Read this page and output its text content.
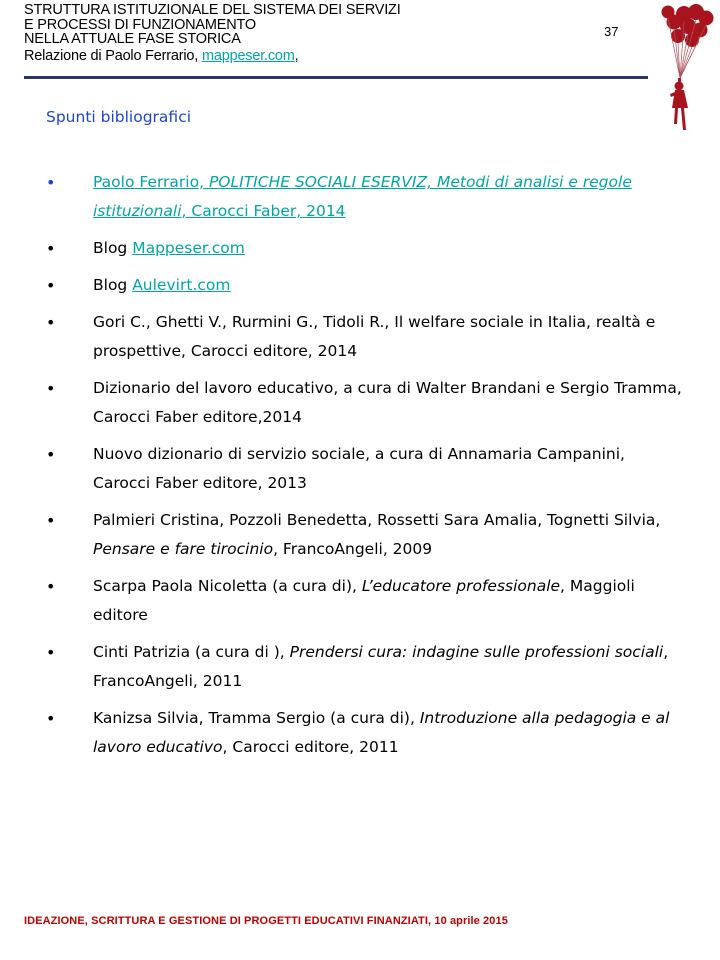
STRUTTURA ISTITUZIONALE DEL SISTEMA DEI SERVIZI
E PROCESSI DI FUNZIONAMENTO
NELLA ATTUALE FASE STORICA
Relazione di Paolo Ferrario, mappeser.com,
37
Spunti bibliografici
•	Paolo Ferrario, POLITICHE SOCIALI ESERVIZ, Metodi di analisi e regole istituzionali, Carocci Faber, 2014
•	Blog Mappeser.com
•	Blog Aulevirt.com
•	Gori C., Ghetti V., Rurmini G., Tidoli R., Il welfare sociale in Italia, realtà e prospettive, Carocci editore, 2014
•	Dizionario del lavoro educativo, a cura di Walter Brandani e Sergio Tramma, Carocci Faber editore,2014
•	Nuovo dizionario di servizio sociale, a cura di Annamaria Campanini, Carocci Faber editore, 2013
•	Palmieri Cristina, Pozzoli Benedetta, Rossetti Sara Amalia, Tognetti Silvia, Pensare e fare tirocinio, FrancoAngeli, 2009
•	Scarpa Paola Nicoletta (a cura di), L’educatore professionale, Maggioli editore
•	Cinti Patrizia (a cura di ), Prendersi cura: indagine sulle professioni sociali, FrancoAngeli, 2011
•	Kanizsa Silvia, Tramma Sergio (a cura di), Introduzione alla pedagogia e al lavoro educativo, Carocci editore, 2011
IDEAZIONE, SCRITTURA E GESTIONE DI PROGETTI EDUCATIVI FINANZIATI, 10 aprile 2015
